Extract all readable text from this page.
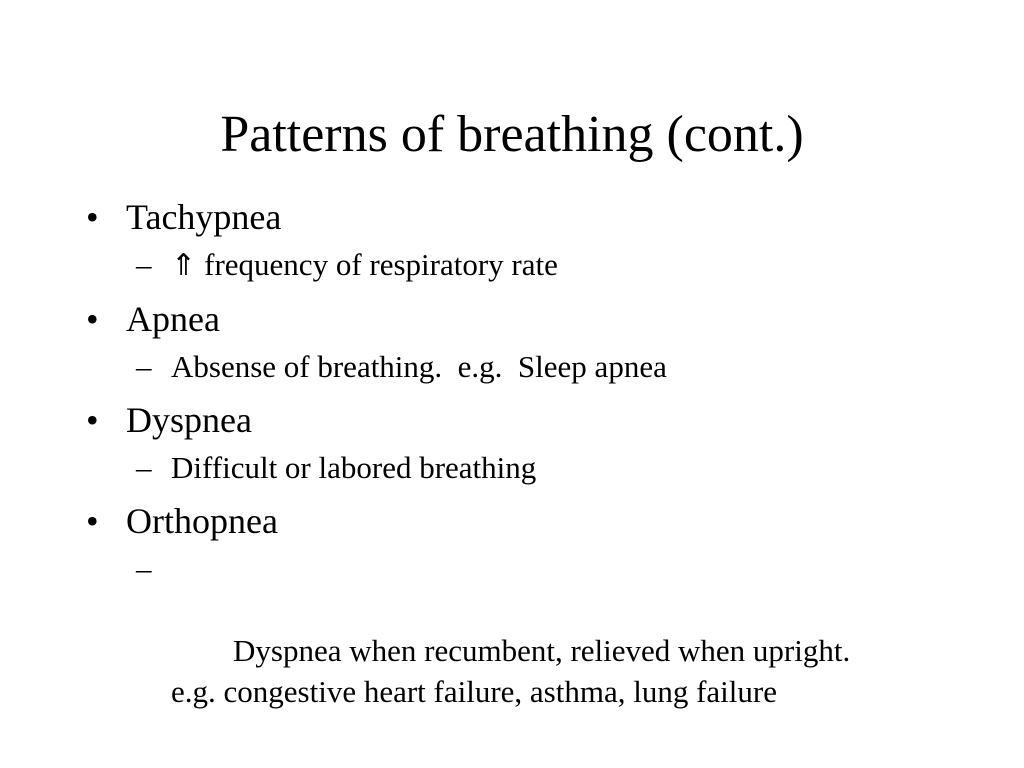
Patterns of breathing (cont.)
• Tachypnea
– ⇑ frequency of respiratory rate
• Apnea
– Absense of breathing.  e.g.  Sleep apnea
• Dyspnea
– Difficult or labored breathing
• Orthopnea

–

Dyspnea when recumbent, relieved when upright.  e.g. congestive heart failure, asthma, lung failure
